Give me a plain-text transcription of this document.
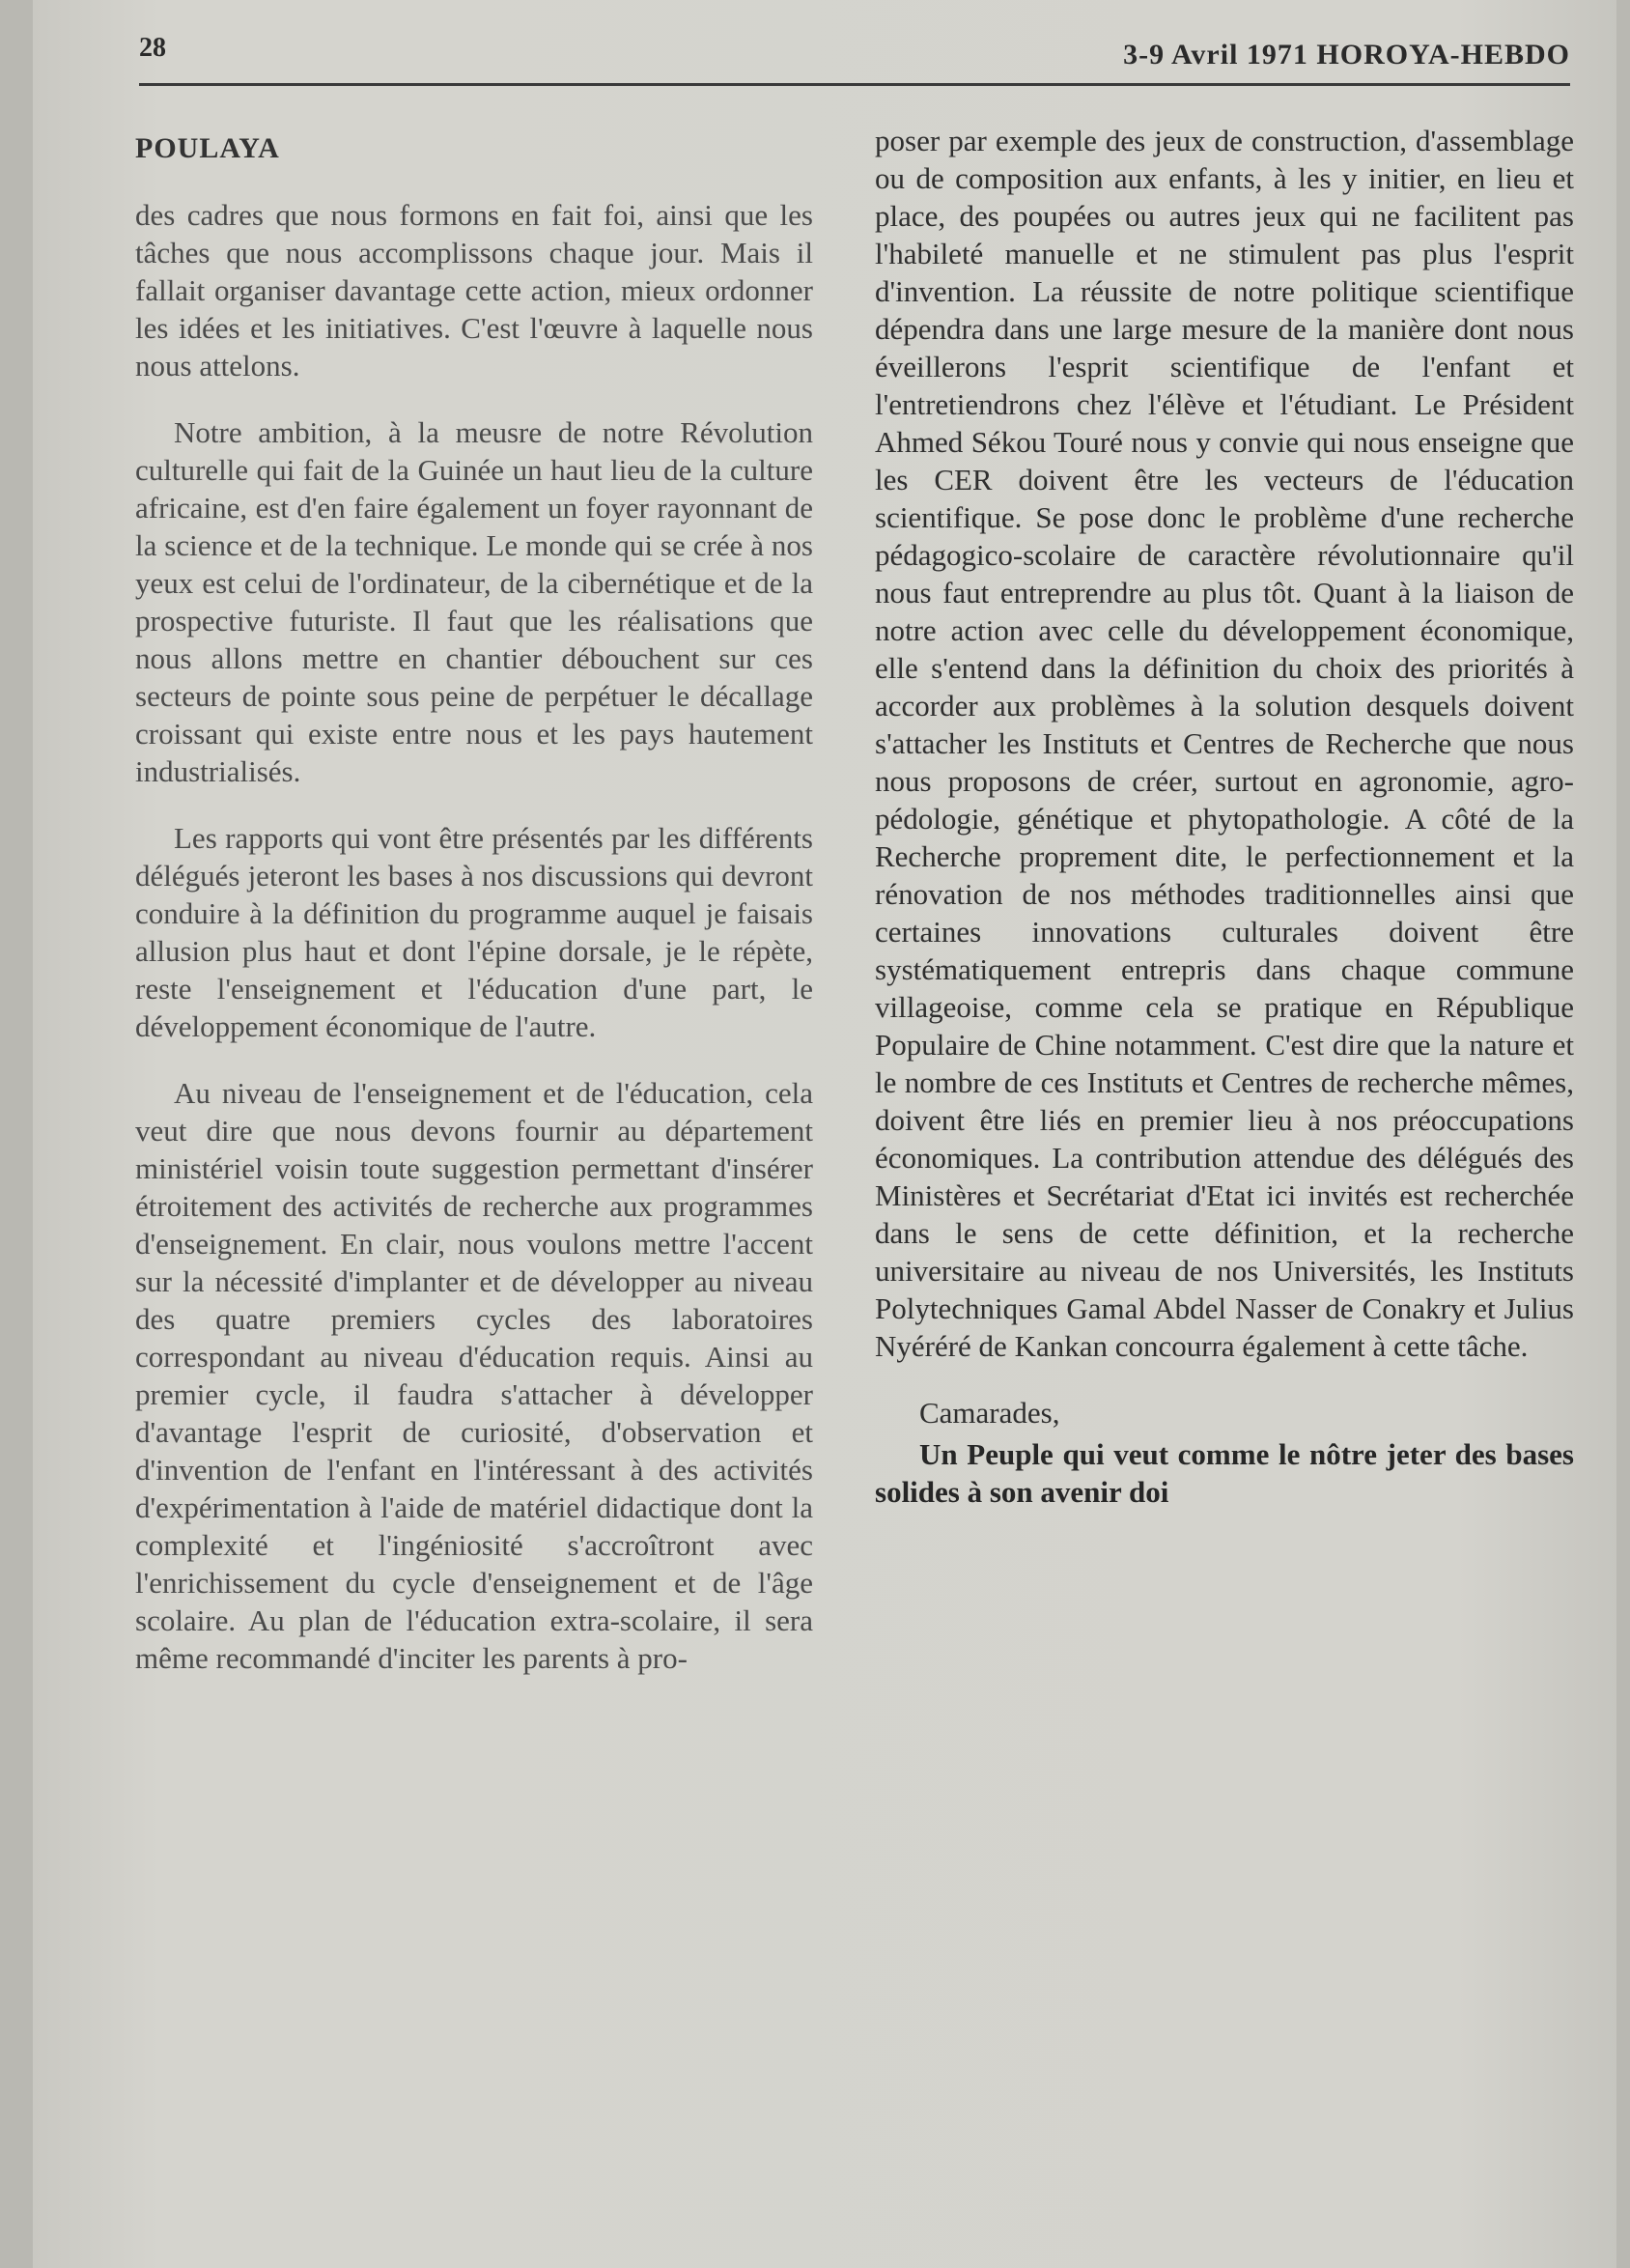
28	3-9 Avril 1971 HOROYA-HEBDO
POULAYA

des cadres que nous formons en fait foi, ainsi que les tâches que nous accomplissons chaque jour. Mais il fallait organiser davantage cette action, mieux ordonner les idées et les initiatives. C'est l'œuvre à laquelle nous nous attelons.

Notre ambition, à la meusre de notre Révolution culturelle qui fait de la Guinée un haut lieu de la culture africaine, est d'en faire également un foyer rayonnant de la science et de la technique. Le monde qui se crée à nos yeux est celui de l'ordinateur, de la cibernétique et de la prospective futuriste. Il faut que les réalisations que nous allons mettre en chantier débouchent sur ces secteurs de pointe sous peine de perpétuer le décallage croissant qui existe entre nous et les pays hautement industrialisés.

Les rapports qui vont être présentés par les différents délégués jeteront les bases à nos discussions qui devront conduire à la définition du programme auquel je faisais allusion plus haut et dont l'épine dorsale, je le répète, reste l'enseignement et l'éducation d'une part, le développement économique de l'autre.

Au niveau de l'enseignement et de l'éducation, cela veut dire que nous devons fournir au département ministériel voisin toute suggestion permettant d'insérer étroitement des activités de recherche aux programmes d'enseignement. En clair, nous voulons mettre l'accent sur la nécessité d'implanter et de développer au niveau des quatre premiers cycles des laboratoires correspondant au niveau d'éducation requis. Ainsi au premier cycle, il faudra s'attacher à développer d'avantage l'esprit de curiosité, d'observation et d'invention de l'enfant en l'intéressant à des activités d'expérimentation à l'aide de matériel didactique dont la complexité et l'ingéniosité s'accroîtront avec l'enrichissement du cycle d'enseignement et de l'âge scolaire. Au plan de l'éducation extra-scolaire, il sera même recommandé d'inciter les parents à pro-

poser par exemple des jeux de construction, d'assemblage ou de composition aux enfants, à les y initier, en lieu et place, des poupées ou autres jeux qui ne facilitent pas l'habileté manuelle et ne stimulent pas plus l'esprit d'invention. La réussite de notre politique scientifique dépendra dans une large mesure de la manière dont nous éveillerons l'esprit scientifique de l'enfant et l'entretiendrons chez l'élève et l'étudiant. Le Président Ahmed Sékou Touré nous y convie qui nous enseigne que les CER doivent être les vecteurs de l'éducation scientifique. Se pose donc le problème d'une recherche pédagogico-scolaire de caractère révolutionnaire qu'il nous faut entreprendre au plus tôt. Quant à la liaison de notre action avec celle du développement économique, elle s'entend dans la définition du choix des priorités à accorder aux problèmes à la solution desquels doivent s'attacher les Instituts et Centres de Recherche que nous nous proposons de créer, surtout en agronomie, agro-pédologie, génétique et phytopathologie. A côté de la Recherche proprement dite, le perfectionnement et la rénovation de nos méthodes traditionnelles ainsi que certaines innovations culturales doivent être systématiquement entrepris dans chaque commune villageoise, comme cela se pratique en République Populaire de Chine notamment. C'est dire que la nature et le nombre de ces Instituts et Centres de recherche mêmes, doivent être liés en premier lieu à nos préoccupations économiques. La contribution attendue des délégués des Ministères et Secrétariat d'Etat ici invités est recherchée dans le sens de cette définition, et la recherche universitaire au niveau de nos Universités, les Instituts Polytechniques Gamal Abdel Nasser de Conakry et Julius Nyéréré de Kankan concourra également à cette tâche.

Camarades,

Un Peuple qui veut comme le nôtre jeter des bases solides à son avenir doi
